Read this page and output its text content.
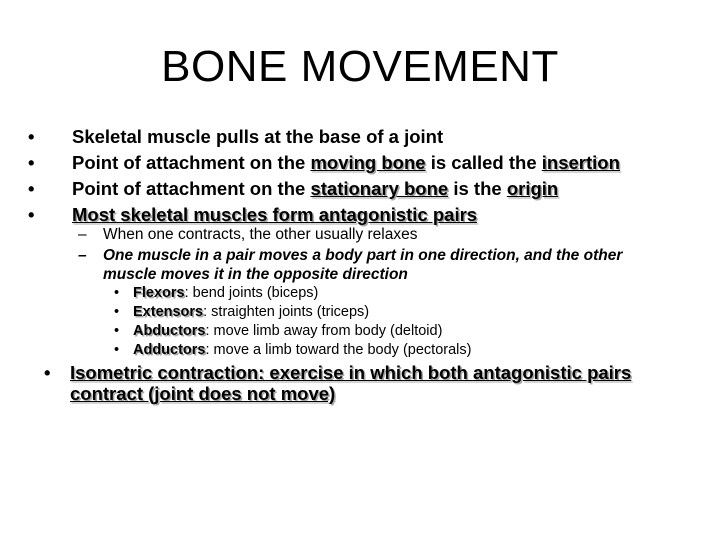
BONE MOVEMENT
• Skeletal muscle pulls at the base of a joint
• Point of attachment on the moving bone is called the insertion
• Point of attachment on the stationary bone is the origin
• Most skeletal muscles form antagonistic pairs
– When one contracts, the other usually relaxes
– One muscle in a pair moves a body part in one direction, and the other muscle moves it in the opposite direction
• Flexors: bend joints (biceps)
• Extensors: straighten joints (triceps)
• Abductors: move limb away from body (deltoid)
• Adductors: move a limb toward the body (pectorals)
• Isometric contraction: exercise in which both antagonistic pairs contract (joint does not move)
